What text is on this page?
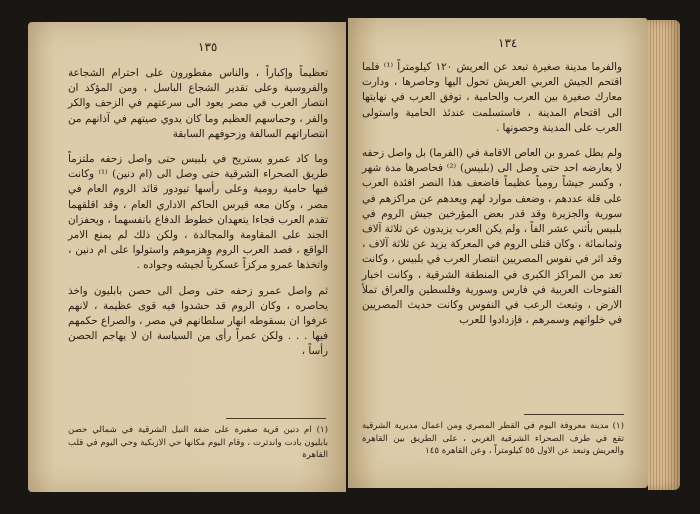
١٣٥

تعظيماً وإكباراً ، والناس مفطورون على احترام الشجاعة والفروسية وعلى تقدير الشجاع الباسل ، ومن المؤكد ان انتصار العرب في مصر يعود الى سرعتهم في الزحف والكر والفر ، وحماسهم العظيم وما كان يدوي صيتهم في آذانهم من انتصاراتهم السالفة وزحوفهم السابقة

وما كاد عمرو يستريح في بلبيس حتى واصل زحفه ملتزماً طريق الصحراء الشرقية حتى وصل الى (ام دنين) ⁽¹⁾ وكانت فيها حامية رومية وعلى رأسها تيودور قائد الروم العام في مصر ، وكان معه قيرس الحاكم الاداري العام ، وقد اقلقهما تقدم العرب فجاءا يتعهدان خطوط الدفاع بانفسهما ، ويحفزان الجند على المقاومة والمجالدة ، ولكن ذلك لم يمنع الامر الواقع ، فصد العرب الروم وهزموهم واستولوا على ام دنين ، واتخذها عمرو مركزاً عسكرياً لجيشه وجواده .

ثم واصل عمرو زحفه حتى وصل الى حصن بابليون واخذ يحاصره ، وكان الروم قد حشدوا فيه قوى عظيمة ، لانهم عرفوا ان بسقوطه انهار سلطانهم في مصر ، والصراع حكمهم فيها . . . ولكن عمراً رأى من السياسة ان لا يهاجم الحصن رأساً ،

(١) ام دنين قرية صغيرة على ضفة النيل الشرقية في شمالي حصن بابليون بادت واندثرت ، وقام اليوم مكانها حي الازبكية وحي اليوم في قلب القاهرة
١٣٤

والفرما مدينة صغيرة تبعد عن العريش ١٢٠ كيلومتراً ⁽¹⁾ فلما اقتحم الجيش العربي العريش تحول اليها وحاصرها ، ودارت معارك صغيرة بين العرب والحامية ، توفق العرب في نهايتها الى اقتحام المدينة ، فاستسلمت عندئذ الحامية واستولى العرب على المدينة وحصونها .

ولم يطل عمرو بن العاص الاقامة في (الفرما) بل واصل زحفه لا يعارضه احد حتى وصل الى (بلبيس) ⁽²⁾ فحاصرها مدة شهر ، وكسر جيشاً رومياً عظيماً فاضعف هذا النصر افئدة العرب على قلة عددهم ، وضعف موارد لهم ويعدهم عن مراكزهم في سورية والجزيرة وقد قدر بعض المؤرخين جيش الروم في بلبيس بأثني عشر الفاً ، ولم يكن العرب يزيدون عن ثلاثة آلاف وثمانمائة ، وكان قتلى الروم في المعركة يزيد عن ثلاثة آلاف ، وقد اثر في نفوس المصريين انتصار العرب في بلبيس ، وكانت تعد من المراكز الكبرى في المنطقة الشرقية ، وكانت اخبار الفتوحات العربية في فارس وسورية وفلسطين والعراق تملأ الارض ، وتبعث الرعب في النفوس وكانت حديث المصريين في خلواتهم وسمرهم ، فإزدادوا للعرب

(١) مدينة معروفة اليوم في القطر المصري ومن اعمال مديرية الشرقية تقع في طرف الصحراء الشرقية الغربي ، على الطريق بين القاهرة والعريش وتبعد عن الاول ٥٥ كيلومتراً ، وعن القاهرة ١٤٥
